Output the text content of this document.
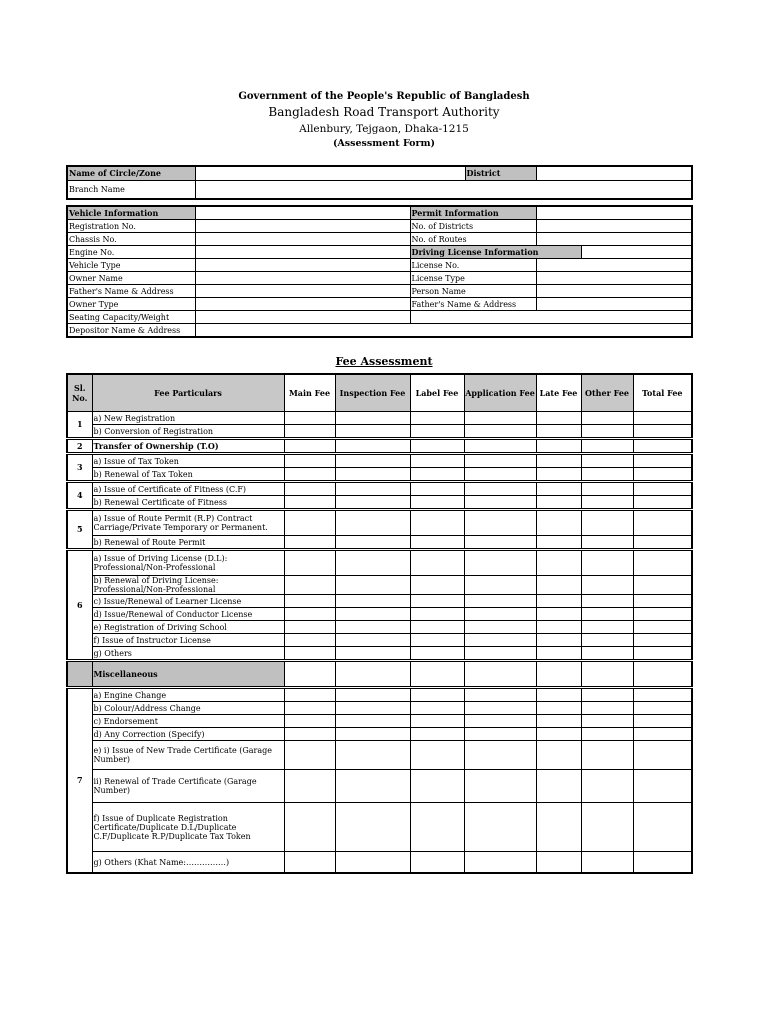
Government of the People's Republic of Bangladesh
Bangladesh Road Transport Authority
Allenbury, Tejgaon, Dhaka-1215
(Assessment Form)
Name of Circle/Zone		District	
Branch Name			
Vehicle Information		Permit Information		
Registration No.		No. of Districts		
Chassis No.		No. of Routes		
Engine No.		Driving License Information		
Vehicle Type		License No.		
Owner Name		License Type		
Father's Name & Address		Person Name		
Owner Type		Father's Name & Address		
Seating Capacity/Weight				
Depositor Name & Address				
Fee Assessment
Sl. No.	Fee Particulars	Main Fee	Inspection Fee	Label Fee	Application Fee	Late Fee	Other Fee	Total Fee
1	a) New Registration							
	b) Conversion of Registration							
2	Transfer of Ownership (T.O)							
3	a) Issue of Tax Token							
	b) Renewal of Tax Token							
4	a) Issue of Certificate of Fitness (C.F)							
	b) Renewal Certificate of Fitness							
5	a) Issue of Route Permit (R.P) Contract Carriage/Private Temporary or Permanent.							
	b) Renewal of Route Permit							
6	a) Issue of Driving License (D.L): Professional/Non-Professional							
	b) Renewal of Driving License: Professional/Non-Professional							
	c) Issue/Renewal of Learner License							
	d) Issue/Renewal of Conductor License							
	e) Registration of Driving School							
	f) Issue of Instructor License							
	g) Others							
	Miscellaneous							
7	a) Engine Change							
	b) Colour/Address Change							
	c) Endorsement							
	d) Any Correction (Specify)							
	e) i) Issue of New Trade Certificate (Garage Number)							
	ii) Renewal of Trade Certificate (Garage Number)							
	f) Issue of Duplicate Registration Certificate/Duplicate D.L/Duplicate C.F/Duplicate R.P/Duplicate Tax Token							
	g) Others (Khat Name:……………)							
